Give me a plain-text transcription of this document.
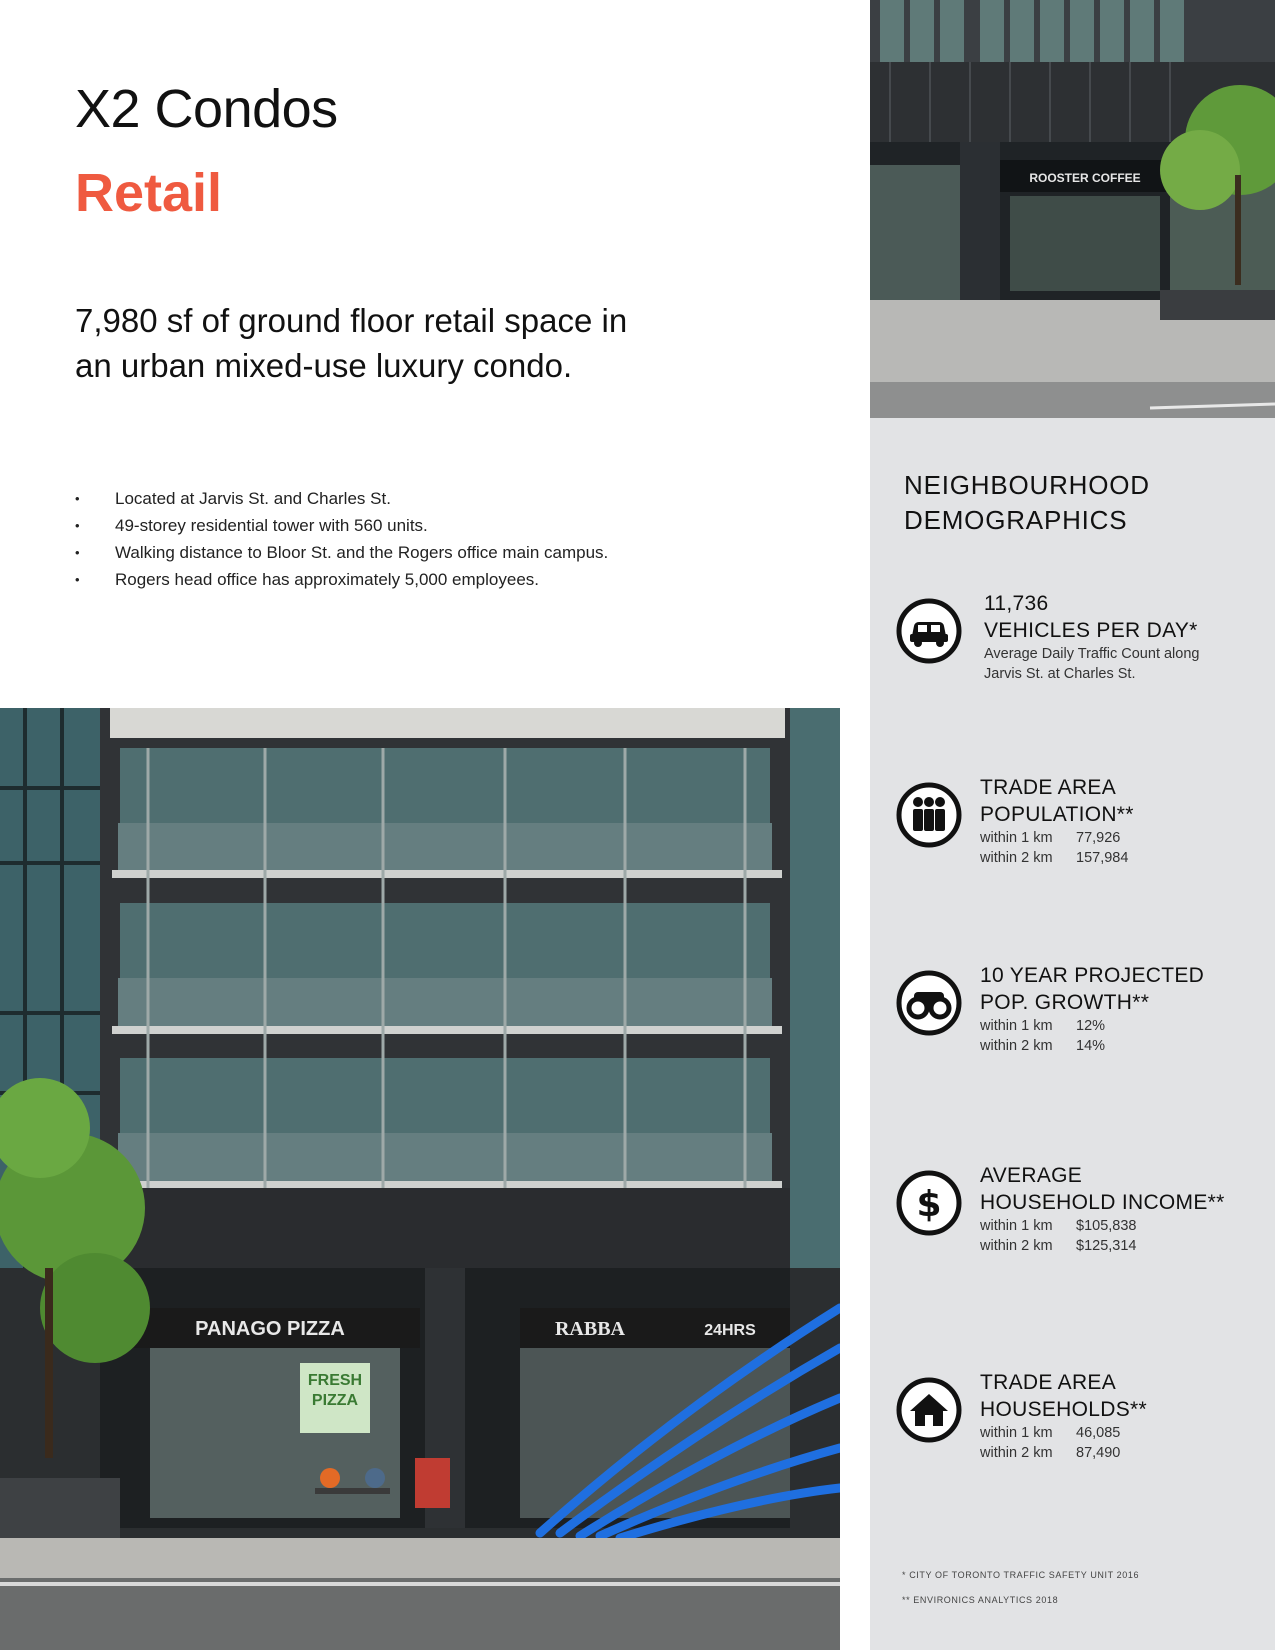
X2 Condos
Retail

7,980 sf of ground floor retail space in an urban mixed-use luxury condo.

• Located at Jarvis St. and Charles St.
• 49-storey residential tower with 560 units.
• Walking distance to Bloor St. and the Rogers office main campus.
• Rogers head office has approximately 5,000 employees.
ROOSTER COFFEE
PANAGO PIZZA
FRESH
PIZZA
RABBA	24HRS
NEIGHBOURHOOD
DEMOGRAPHICS
11,736
VEHICLES PER DAY*
Average Daily Traffic Count along
Jarvis St. at Charles St.
TRADE AREA
POPULATION**
within 1 km 77,926
within 2 km 157,984
10 YEAR PROJECTED
POP. GROWTH**
within 1 km 12%
within 2 km 14%
$
AVERAGE
HOUSEHOLD INCOME**
within 1 km $105,838
within 2 km $125,314
TRADE AREA
HOUSEHOLDS**
within 1 km 46,085
within 2 km 87,490
* CITY OF TORONTO TRAFFIC SAFETY UNIT 2016
** ENVIRONICS ANALYTICS 2018
